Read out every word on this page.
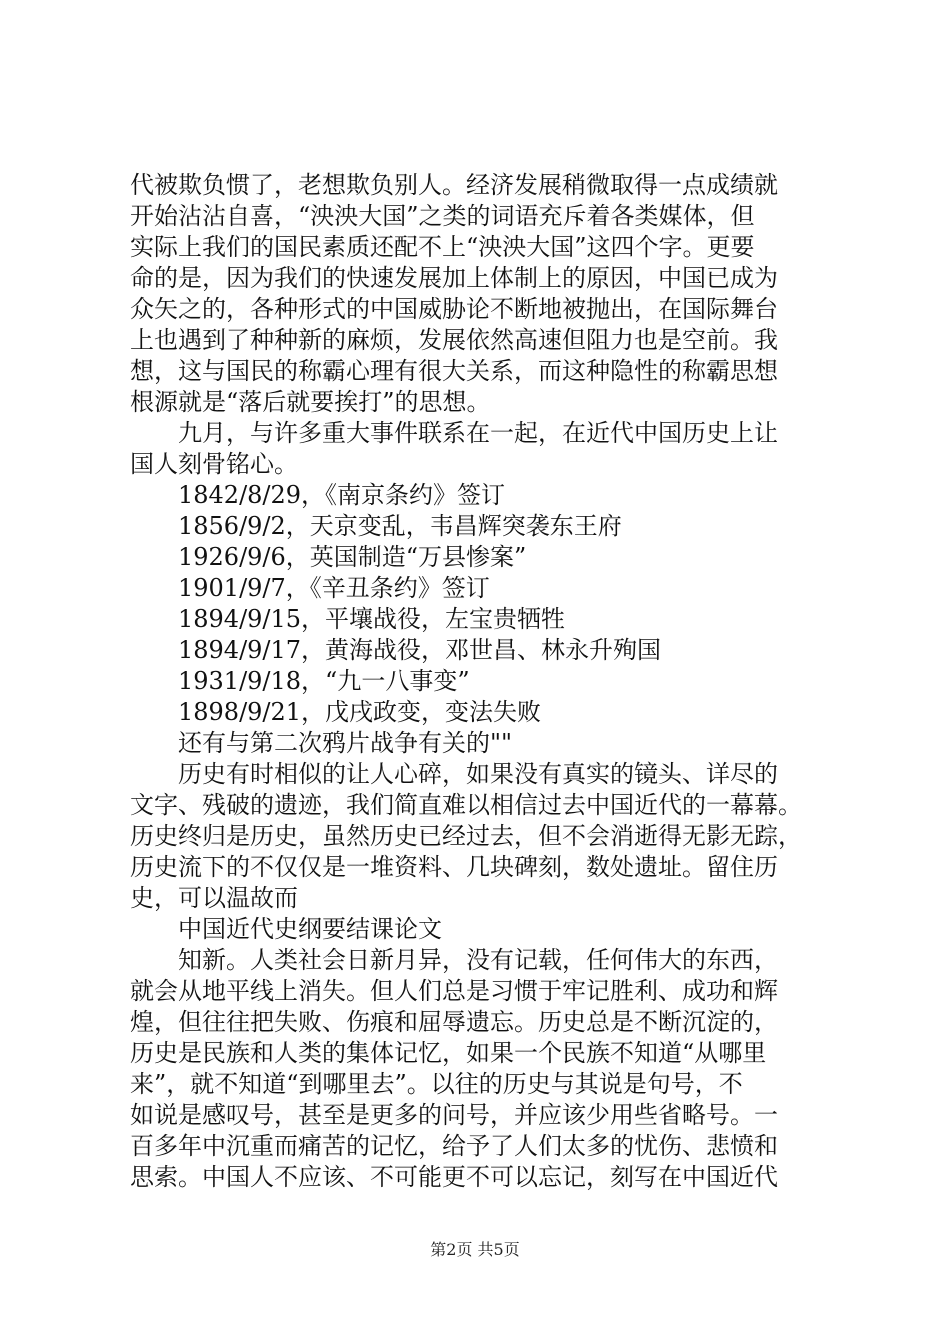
代被欺负惯了，老想欺负别人。经济发展稍微取得一点成绩就
开始沾沾自喜，“泱泱大国”之类的词语充斥着各类媒体，但
实际上我们的国民素质还配不上“泱泱大国”这四个字。更要
命的是，因为我们的快速发展加上体制上的原因，中国已成为
众矢之的，各种形式的中国威胁论不断地被抛出，在国际舞台
上也遇到了种种新的麻烦，发展依然高速但阻力也是空前。我
想，这与国民的称霸心理有很大关系，而这种隐性的称霸思想
根源就是“落后就要挨打”的思想。
九月，与许多重大事件联系在一起，在近代中国历史上让
国人刻骨铭心。
1842/8/29，《南京条约》签订
1856/9/2，天京变乱，韦昌辉突袭东王府
1926/9/6，英国制造“万县惨案”
1901/9/7，《辛丑条约》签订
1894/9/15，平壤战役，左宝贵牺牲
1894/9/17，黄海战役，邓世昌、林永升殉国
1931/9/18，“九一八事变”
1898/9/21，戊戌政变，变法失败
还有与第二次鸦片战争有关的""
历史有时相似的让人心碎，如果没有真实的镜头、详尽的
文字、残破的遗迹，我们简直难以相信过去中国近代的一幕幕。
历史终归是历史，虽然历史已经过去，但不会消逝得无影无踪，
历史流下的不仅仅是一堆资料、几块碑刻，数处遗址。留住历
史，可以温故而
中国近代史纲要结课论文
知新。人类社会日新月异，没有记载，任何伟大的东西，
就会从地平线上消失。但人们总是习惯于牢记胜利、成功和辉
煌，但往往把失败、伤痕和屈辱遗忘。历史总是不断沉淀的，
历史是民族和人类的集体记忆，如果一个民族不知道“从哪里
来”，就不知道“到哪里去”。以往的历史与其说是句号，不
如说是感叹号，甚至是更多的问号，并应该少用些省略号。一
百多年中沉重而痛苦的记忆，给予了人们太多的忧伤、悲愤和
思索。中国人不应该、不可能更不可以忘记，刻写在中国近代
第2页 共5页
